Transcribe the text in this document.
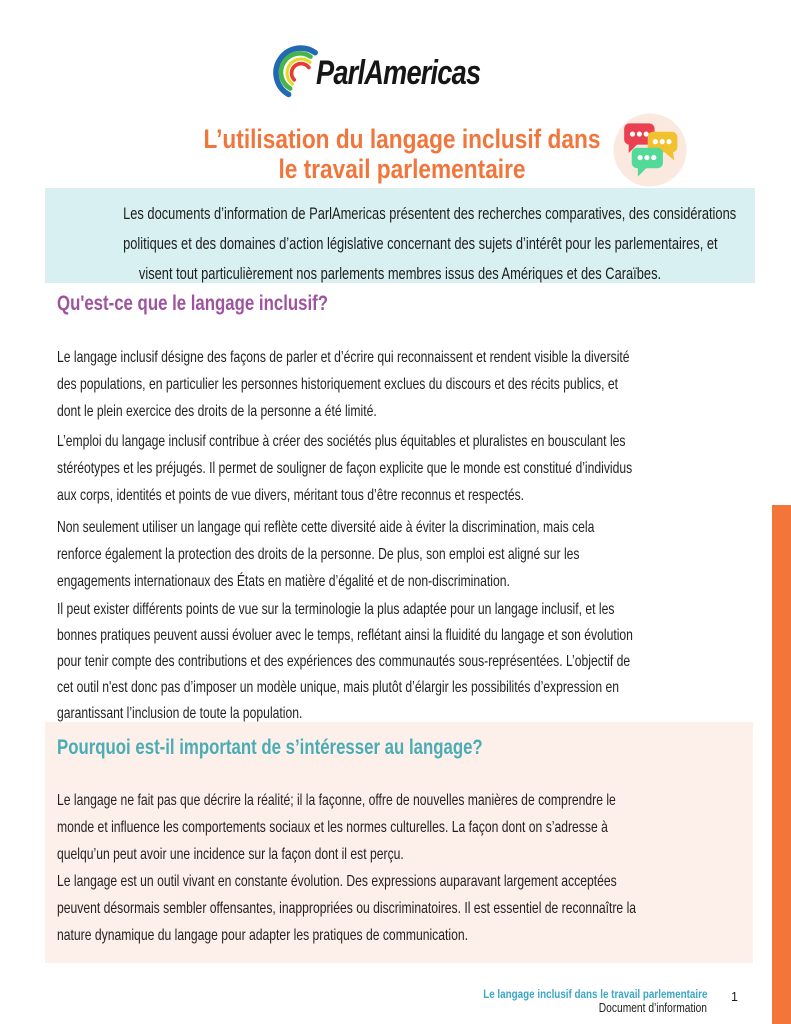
ParlAmericas
L’utilisation du langage inclusif dans
le travail parlementaire
Les documents d’information de ParlAmericas présentent des recherches comparatives, des considérations
politiques et des domaines d’action législative concernant des sujets d’intérêt pour les parlementaires, et
visent tout particulièrement nos parlements membres issus des Amériques et des Caraïbes.
Qu'est-ce que le langage inclusif?
Le langage inclusif désigne des façons de parler et d’écrire qui reconnaissent et rendent visible la diversité
des populations, en particulier les personnes historiquement exclues du discours et des récits publics, et
dont le plein exercice des droits de la personne a été limité.
L’emploi du langage inclusif contribue à créer des sociétés plus équitables et pluralistes en bousculant les
stéréotypes et les préjugés. Il permet de souligner de façon explicite que le monde est constitué d’individus
aux corps, identités et points de vue divers, méritant tous d’être reconnus et respectés.
Non seulement utiliser un langage qui reflète cette diversité aide à éviter la discrimination, mais cela
renforce également la protection des droits de la personne. De plus, son emploi est aligné sur les
engagements internationaux des États en matière d’égalité et de non-discrimination.
Il peut exister différents points de vue sur la terminologie la plus adaptée pour un langage inclusif, et les
bonnes pratiques peuvent aussi évoluer avec le temps, reflétant ainsi la fluidité du langage et son évolution
pour tenir compte des contributions et des expériences des communautés sous-représentées. L’objectif de
cet outil n'est donc pas d’imposer un modèle unique, mais plutôt d’élargir les possibilités d’expression en
garantissant l’inclusion de toute la population.
Pourquoi est-il important de s’intéresser au langage?
Le langage ne fait pas que décrire la réalité; il la façonne, offre de nouvelles manières de comprendre le
monde et influence les comportements sociaux et les normes culturelles. La façon dont on s’adresse à
quelqu’un peut avoir une incidence sur la façon dont il est perçu.
Le langage est un outil vivant en constante évolution. Des expressions auparavant largement acceptées
peuvent désormais sembler offensantes, inappropriées ou discriminatoires. Il est essentiel de reconnaître la
nature dynamique du langage pour adapter les pratiques de communication.
Le langage inclusif dans le travail parlementaire
Document d’information
1
